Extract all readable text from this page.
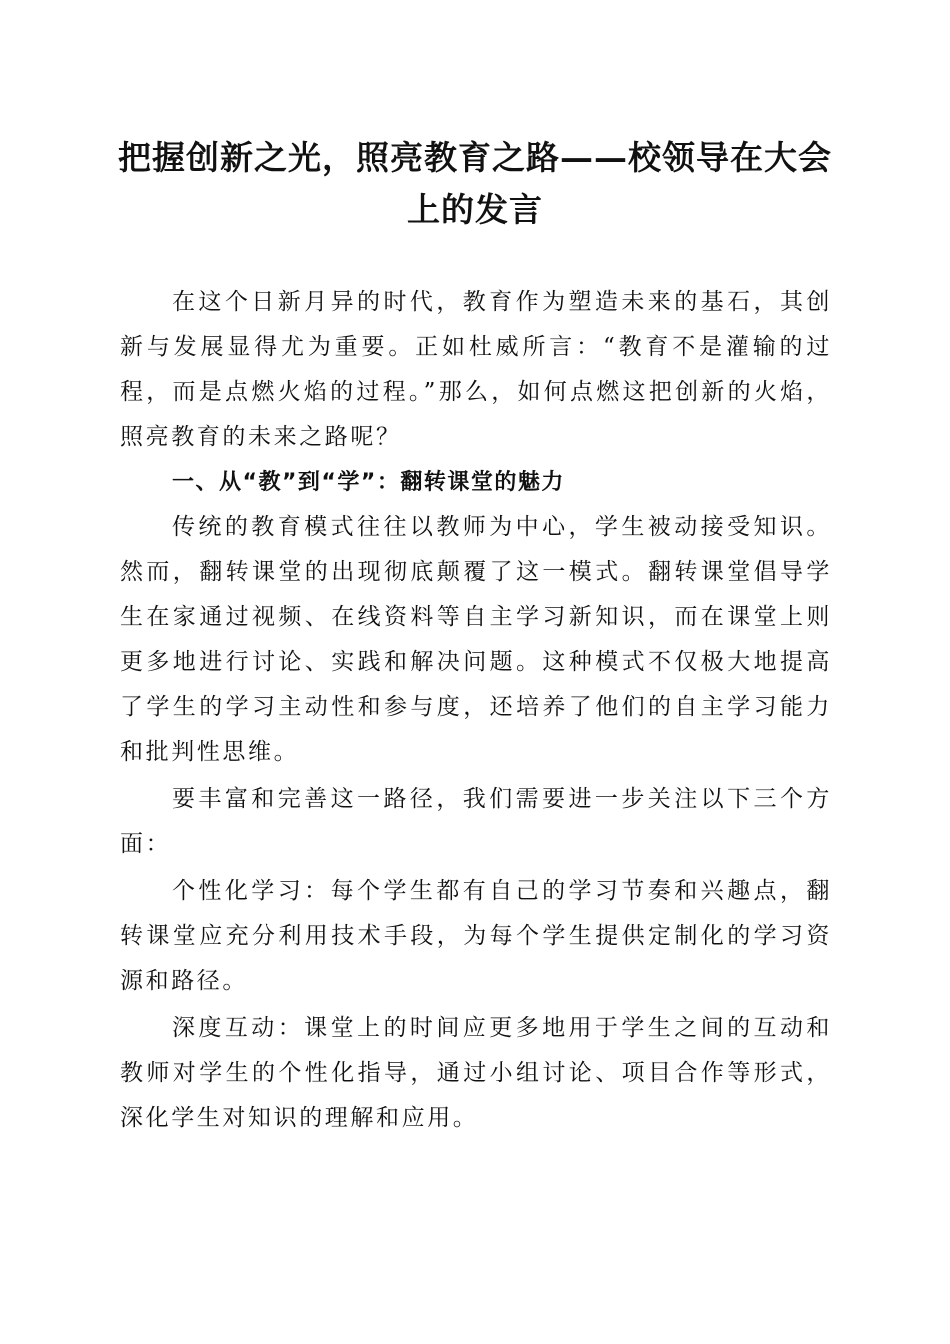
把握创新之光，照亮教育之路——校领导在大会上的发言

在这个日新月异的时代，教育作为塑造未来的基石，其创新与发展显得尤为重要。正如杜威所言：“教育不是灌输的过程，而是点燃火焰的过程。”那么，如何点燃这把创新的火焰，照亮教育的未来之路呢？

一、从“教”到“学”：翻转课堂的魅力

传统的教育模式往往以教师为中心，学生被动接受知识。然而，翻转课堂的出现彻底颠覆了这一模式。翻转课堂倡导学生在家通过视频、在线资料等自主学习新知识，而在课堂上则更多地进行讨论、实践和解决问题。这种模式不仅极大地提高了学生的学习主动性和参与度，还培养了他们的自主学习能力和批判性思维。

要丰富和完善这一路径，我们需要进一步关注以下三个方面：

个性化学习：每个学生都有自己的学习节奏和兴趣点，翻转课堂应充分利用技术手段，为每个学生提供定制化的学习资源和路径。

深度互动：课堂上的时间应更多地用于学生之间的互动和教师对学生的个性化指导，通过小组讨论、项目合作等形式，深化学生对知识的理解和应用。
